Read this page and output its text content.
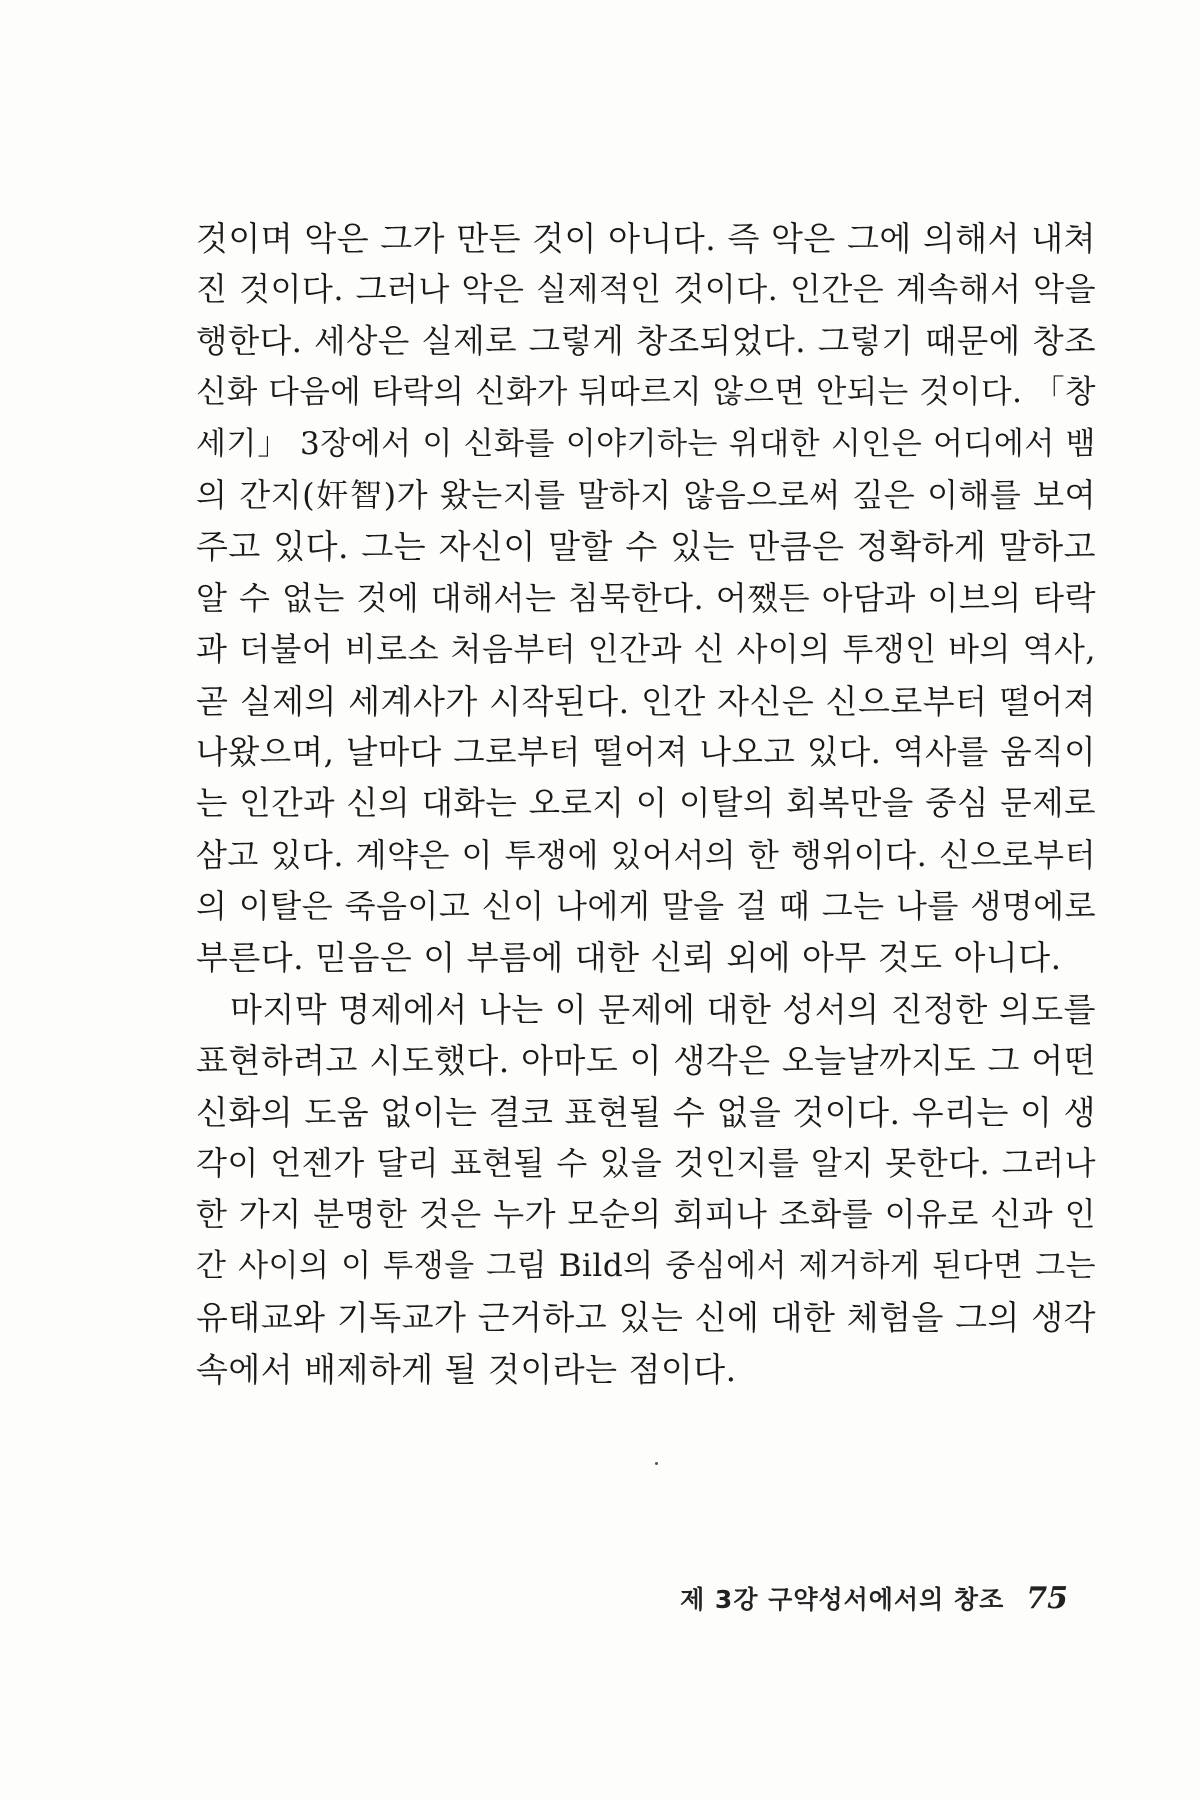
것이며 악은 그가 만든 것이 아니다. 즉 악은 그에 의해서 내쳐
진 것이다. 그러나 악은 실제적인 것이다. 인간은 계속해서 악을
행한다. 세상은 실제로 그렇게 창조되었다. 그렇기 때문에 창조
신화 다음에 타락의 신화가 뒤따르지 않으면 안되는 것이다. 「창
세기」 3장에서 이 신화를 이야기하는 위대한 시인은 어디에서 뱀
의 간지(奸智)가 왔는지를 말하지 않음으로써 깊은 이해를 보여
주고 있다. 그는 자신이 말할 수 있는 만큼은 정확하게 말하고
알 수 없는 것에 대해서는 침묵한다. 어쨌든 아담과 이브의 타락
과 더불어 비로소 처음부터 인간과 신 사이의 투쟁인 바의 역사,
곧 실제의 세계사가 시작된다. 인간 자신은 신으로부터 떨어져
나왔으며, 날마다 그로부터 떨어져 나오고 있다. 역사를 움직이
는 인간과 신의 대화는 오로지 이 이탈의 회복만을 중심 문제로
삼고 있다. 계약은 이 투쟁에 있어서의 한 행위이다. 신으로부터
의 이탈은 죽음이고 신이 나에게 말을 걸 때 그는 나를 생명에로
부른다. 믿음은 이 부름에 대한 신뢰 외에 아무 것도 아니다.
마지막 명제에서 나는 이 문제에 대한 성서의 진정한 의도를
표현하려고 시도했다. 아마도 이 생각은 오늘날까지도 그 어떤
신화의 도움 없이는 결코 표현될 수 없을 것이다. 우리는 이 생
각이 언젠가 달리 표현될 수 있을 것인지를 알지 못한다. 그러나
한 가지 분명한 것은 누가 모순의 회피나 조화를 이유로 신과 인
간 사이의 이 투쟁을 그림 Bild의 중심에서 제거하게 된다면 그는
유태교와 기독교가 근거하고 있는 신에 대한 체험을 그의 생각
속에서 배제하게 될 것이라는 점이다.
제 3강 구약성서에서의 창조 75
